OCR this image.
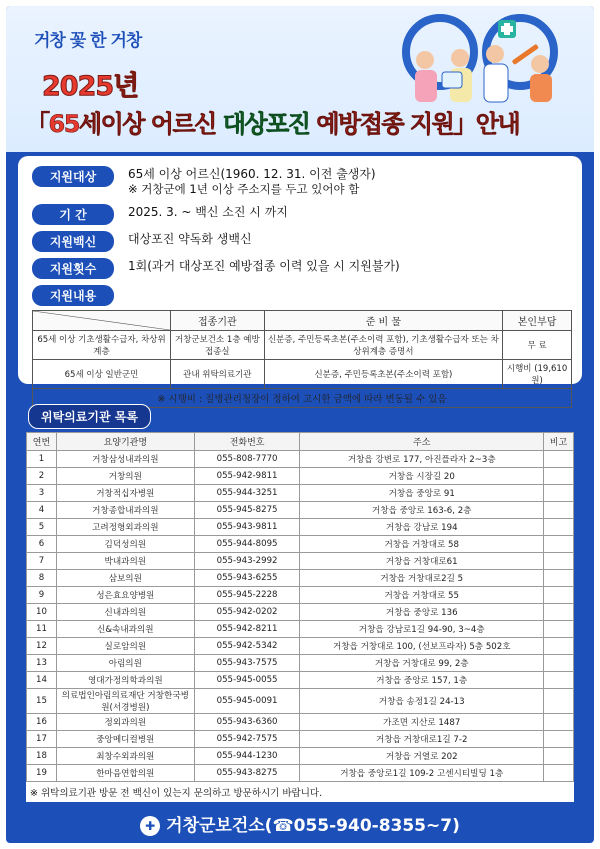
거창 꽃 한 거창
2025년
「65세이상 어르신 대상포진 예방접종 지원」안내
지원대상	65세 이상 어르신(1960. 12. 31. 이전 출생자)
※ 거창군에 1년 이상 주소지를 두고 있어야 함
기 간	2025. 3. ~ 백신 소진 시 까지
지원백신	대상포진 약독화 생백신
지원횟수	1회(과거 대상포진 예방접종 이력 있을 시 지원불가)
지원내용
	접종기관	준 비 물	본인부담
65세 이상 기초생활수급자, 차상위 계층	거창군보건소 1층 예방접종실	신분증, 주민등록초본(주소이력 포함), 기초생활수급자 또는 차상위계층 증명서	무 료
65세 이상 일반군민	관내 위탁의료기관	신분증, 주민등록초본(주소이력 포함)	시행비 (19,610원)
※ 시행비 : 질병관리청장이 정하여 고시한 금액에 따라 변동될 수 있음			
위탁의료기관 목록
연번	요양기관명	전화번호	주소	비고
1	거창삼성내과의원	055-808-7770	거창읍 강변로 177, 아진플라자 2~3층	
2	거창의원	055-942-9811	거창읍 시장길 20	
3	거창적십자병원	055-944-3251	거창읍 중앙로 91	
4	거창종합내과의원	055-945-8275	거창읍 중앙로 163-6, 2층	
5	고려정형외과의원	055-943-9811	거창읍 강남로 194	
6	김덕성의원	055-944-8095	거창읍 거창대로 58	
7	박내과의원	055-943-2992	거창읍 거창대로61	
8	삼보의원	055-943-6255	거창읍 거창대로2길 5	
9	성은효요양병원	055-945-2228	거창읍 거창대로 55	
10	신내과의원	055-942-0202	거창읍 중앙로 136	
11	신&속내과의원	055-942-8211	거창읍 강남로1길 94-90, 3~4층	
12	실로암의원	055-942-5342	거창읍 거창대로 100, (선보프라자) 5층 502호	
13	아림의원	055-943-7575	거창읍 거창대로 99, 2층	
14	영대가정의학과의원	055-945-0055	거창읍 중앙로 157, 1층	
15	의료법인아림의료재단 거창한국병원(서경병원)	055-945-0091	거창읍 송정1길 24-13	
16	정외과의원	055-943-6360	가조면 지산로 1487	
17	중앙메디컬병원	055-942-7575	거창읍 거창대로1길 7-2	
18	최창수외과의원	055-944-1230	거창읍 거열로 202	
19	한마음연합의원	055-943-8275	거창읍 중앙로1길 109-2 고센시티빌딩 1층	
※ 위탁의료기관 방문 전 백신이 있는지 문의하고 방문하시기 바랍니다.
✚ 거창군보건소(☎055-940-8355~7)
